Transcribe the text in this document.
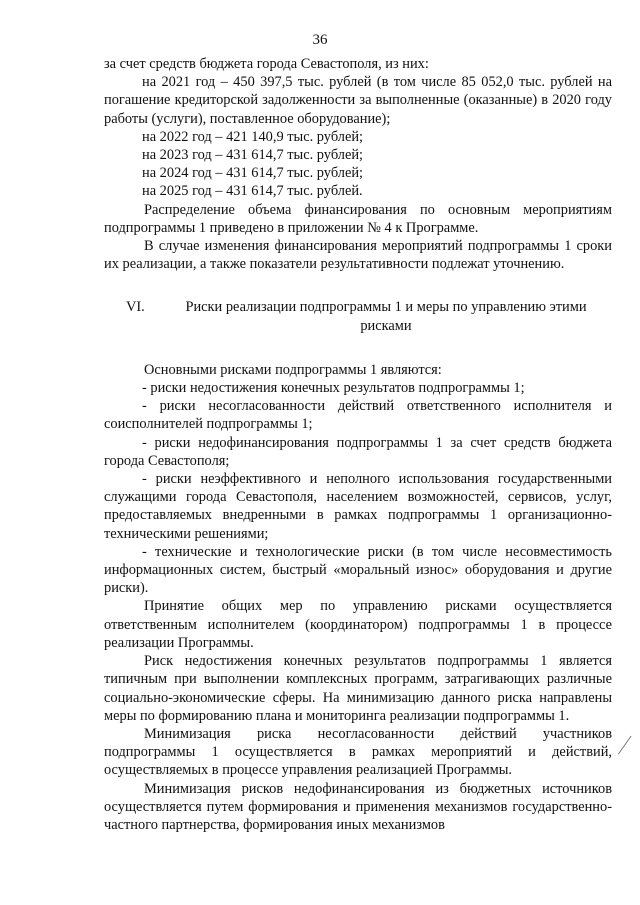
36

за счет средств бюджета города Севастополя, из них:

на 2021 год – 450 397,5 тыс. рублей (в том числе 85 052,0 тыс. рублей на погашение кредиторской задолженности за выполненные (оказанные) в 2020 году работы (услуги), поставленное оборудование);

на 2022 год – 421 140,9 тыс. рублей;

на 2023 год – 431 614,7 тыс. рублей;

на 2024 год – 431 614,7 тыс. рублей;

на 2025 год – 431 614,7 тыс. рублей.

Распределение объема финансирования по основным мероприятиям подпрограммы 1 приведено в приложении № 4 к Программе.

В случае изменения финансирования мероприятий подпрограммы 1 сроки их реализации, а также показатели результативности подлежат уточнению.

VI.	Риски реализации подпрограммы 1 и меры по управлению этими рисками

Основными рисками подпрограммы 1 являются:

- риски недостижения конечных результатов подпрограммы 1;

- риски несогласованности действий ответственного исполнителя и соисполнителей подпрограммы 1;

- риски недофинансирования подпрограммы 1 за счет средств бюджета города Севастополя;

- риски неэффективного и неполного использования государственными служащими города Севастополя, населением возможностей, сервисов, услуг, предоставляемых внедренными в рамках подпрограммы 1 организационно-техническими решениями;

- технические и технологические риски (в том числе несовместимость информационных систем, быстрый «моральный износ» оборудования и другие риски).

Принятие общих мер по управлению рисками осуществляется ответственным исполнителем (координатором) подпрограммы 1 в процессе реализации Программы.

Риск недостижения конечных результатов подпрограммы 1 является типичным при выполнении комплексных программ, затрагивающих различные социально-экономические сферы. На минимизацию данного риска направлены меры по формированию плана и мониторинга реализации подпрограммы 1.

Минимизация риска несогласованности действий участников подпрограммы 1 осуществляется в рамках мероприятий и действий, осуществляемых в процессе управления реализацией Программы.

Минимизация рисков недофинансирования из бюджетных источников осуществляется путем формирования и применения механизмов государственно-частного партнерства, формирования иных механизмов
